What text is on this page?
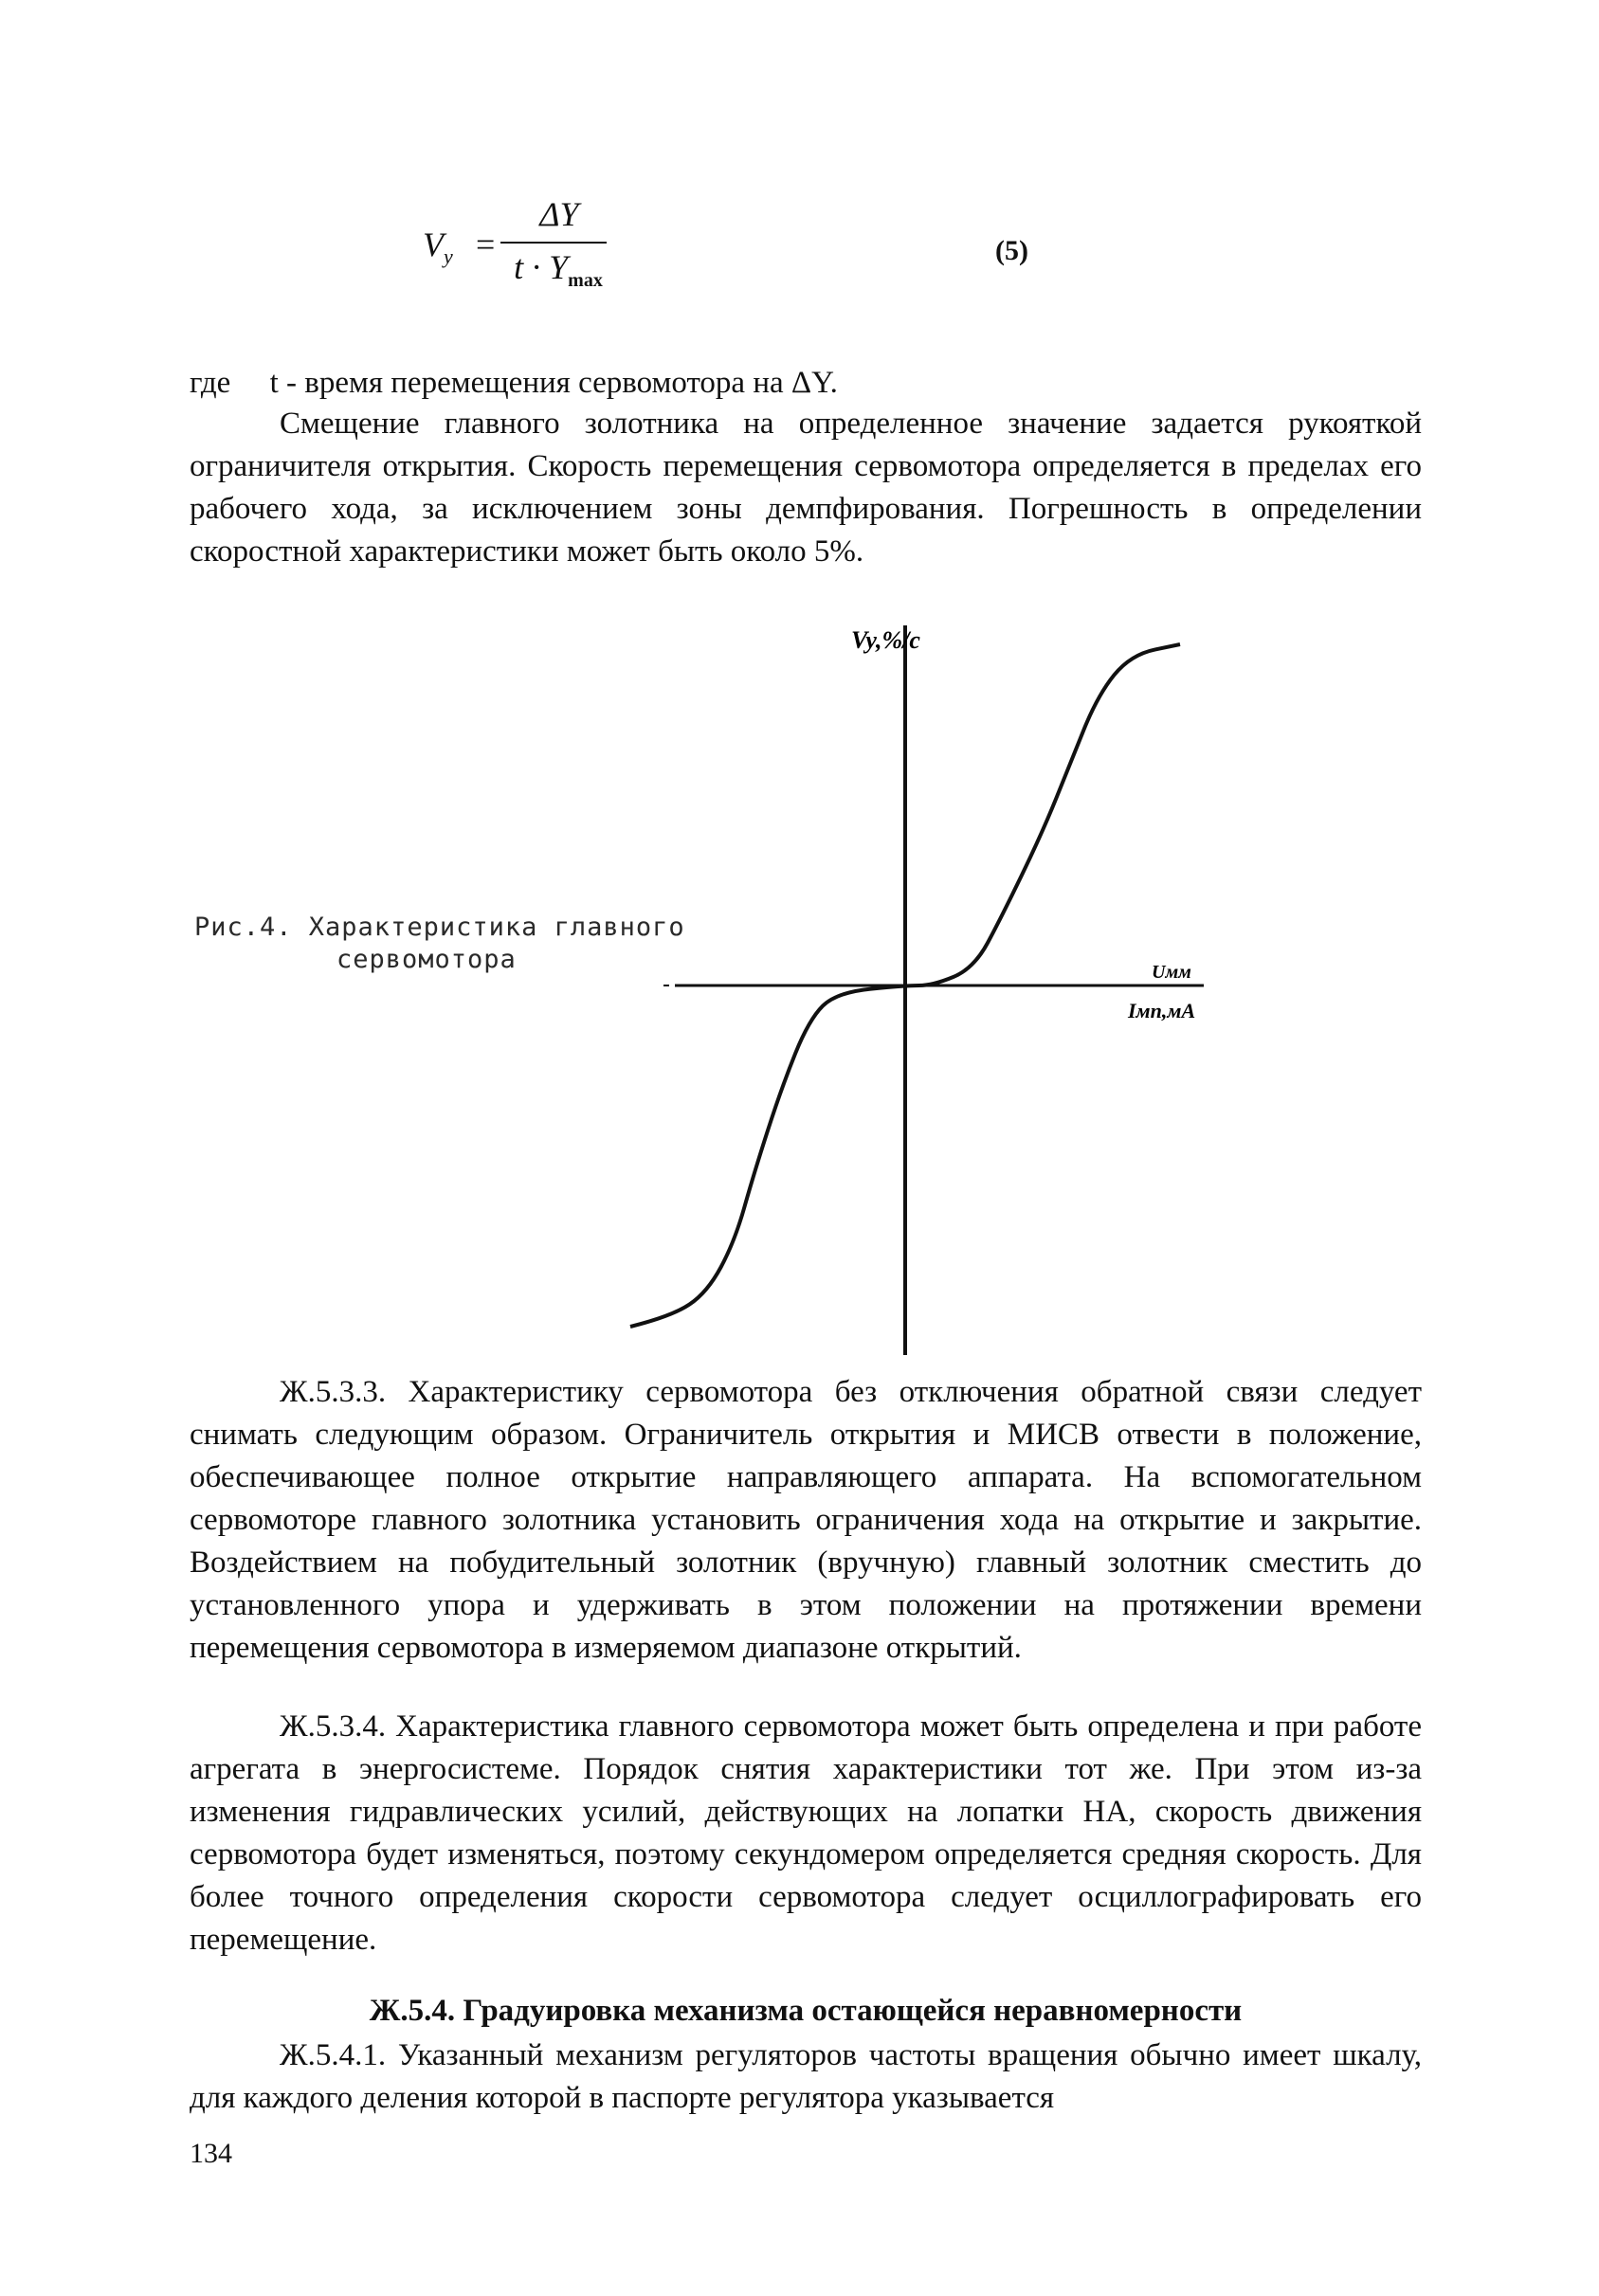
$V_y$ =
ΔY
$t \cdot Y_{max}$
(5)
где     t - время перемещения сервомотора на ΔY.
Смещение главного золотника на определенное значение задается рукояткой ограничителя открытия. Скорость перемещения сервомотора определяется в пределах его рабочего хода, за исключением зоны демпфирования. Погрешность в определении скоростной характеристики может быть около 5%.
Vy,%/c
Uмм
Iмп,мA
Рис.4. Характеристика главного
сервомотора
Ж.5.3.3. Характеристику сервомотора без отключения обратной связи следует снимать следующим образом. Ограничитель открытия и МИСВ отвести в положение, обеспечивающее полное открытие направляющего аппарата. На вспомогательном сервомоторе главного золотника установить ограничения хода на открытие и закрытие. Воздействием на побудительный золотник (вручную) главный золотник сместить до установленного упора и удерживать в этом положении на протяжении времени перемещения сервомотора в измеряемом диапазоне открытий.
Ж.5.3.4. Характеристика главного сервомотора может быть определена и при работе агрегата в энергосистеме. Порядок снятия характеристики тот же. При этом из-за изменения гидравлических усилий, действующих на лопатки НА, скорость движения сервомотора будет изменяться, поэтому секундомером определяется средняя скорость. Для более точного определения скорости сервомотора следует осциллографировать его перемещение.
Ж.5.4. Градуировка механизма остающейся неравномерности
Ж.5.4.1. Указанный механизм регуляторов частоты вращения обычно имеет шкалу, для каждого деления которой в паспорте регулятора указывается
134
